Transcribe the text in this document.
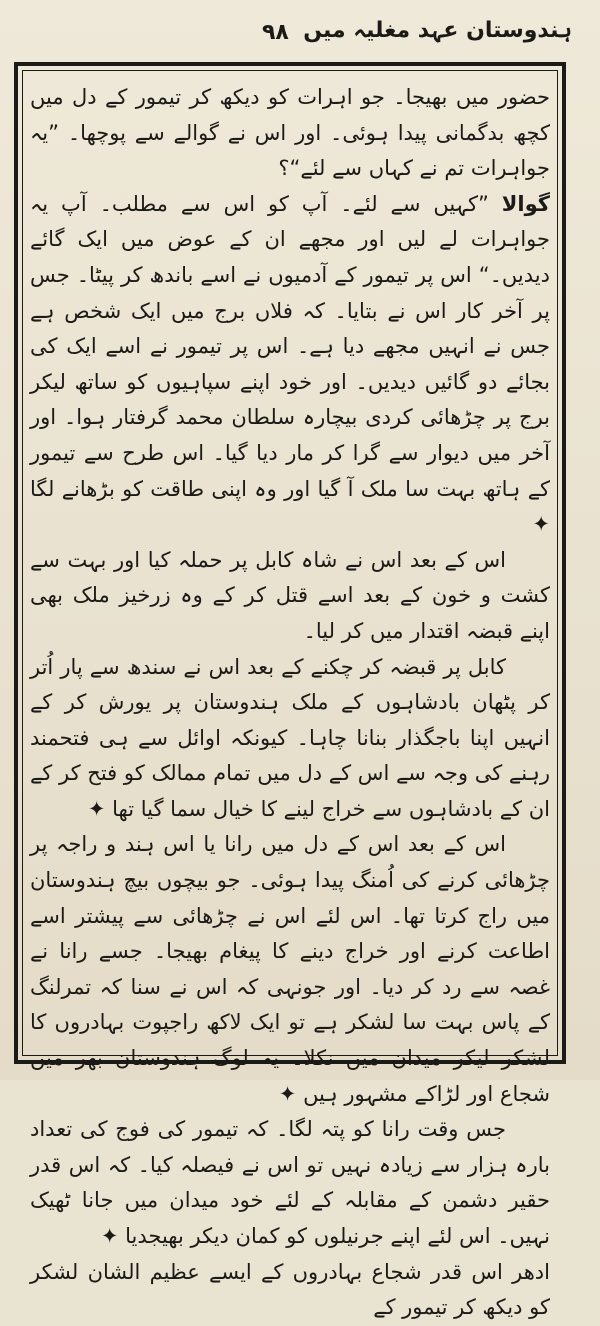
ہندوستان عہد مغلیہ میں
۹۸

حضور میں بھیجا۔ جو اہرات کو دیکھ کر تیمور کے دل میں کچھ بدگمانی پیدا ہوئی۔ اور اس نے گوالے سے پوچھا۔ ”یہ جواہرات تم نے کہاں سے لئے“؟

گوالا ”کہیں سے لئے۔ آپ کو اس سے مطلب۔ آپ یہ جواہرات لے لیں اور مجھے ان کے عوض میں ایک گائے دیدیں۔“ اس پر تیمور کے آدمیوں نے اسے باندھ کر پیٹا۔ جس پر آخر کار اس نے بتایا۔ کہ فلاں برج میں ایک شخص ہے جس نے انہیں مجھے دیا ہے۔ اس پر تیمور نے اسے ایک کی بجائے دو گائیں دیدیں۔ اور خود اپنے سپاہیوں کو ساتھ لیکر برج پر چڑھائی کردی بیچارہ سلطان محمد گرفتار ہوا۔ اور آخر میں دیوار سے گرا کر مار دیا گیا۔ اس طرح سے تیمور کے ہاتھ بہت سا ملک آ گیا اور وہ اپنی طاقت کو بڑھانے لگا ✦

اس کے بعد اس نے شاہ کابل پر حملہ کیا اور بہت سے کشت و خون کے بعد اسے قتل کر کے وہ زرخیز ملک بھی اپنے قبضہ اقتدار میں کر لیا۔

کابل پر قبضہ کر چکنے کے بعد اس نے سندھ سے پار اُتر کر پٹھان بادشاہوں کے ملک ہندوستان پر یورش کر کے انہیں اپنا باجگذار بنانا چاہا۔ کیونکہ اوائل سے ہی فتحمند رہنے کی وجہ سے اس کے دل میں تمام ممالک کو فتح کر کے ان کے بادشاہوں سے خراج لینے کا خیال سما گیا تھا ✦

اس کے بعد اس کے دل میں رانا یا اس ہند و راجہ پر چڑھائی کرنے کی اُمنگ پیدا ہوئی۔ جو بیچوں بیچ ہندوستان میں راج کرتا تھا۔ اس لئے اس نے چڑھائی سے پیشتر اسے اطاعت کرنے اور خراج دینے کا پیغام بھیجا۔ جسے رانا نے غصہ سے رد کر دیا۔ اور جونہی کہ اس نے سنا کہ تمرلنگ کے پاس بہت سا لشکر ہے تو ایک لاکھ راجپوت بہادروں کا لشکر لیکر میدان میں نکلا۔ یہ لوگ ہندوستان بھر میں شجاع اور لڑاکے مشہور ہیں ✦

جس وقت رانا کو پتہ لگا۔ کہ تیمور کی فوج کی تعداد بارہ ہزار سے زیادہ نہیں تو اس نے فیصلہ کیا۔ کہ اس قدر حقیر دشمن کے مقابلہ کے لئے خود میدان میں جانا ٹھیک نہیں۔ اس لئے اپنے جرنیلوں کو کمان دیکر بھیجدیا ✦

ادھر اس قدر شجاع بہادروں کے ایسے عظیم الشان لشکر کو دیکھ کر تیمور کے
